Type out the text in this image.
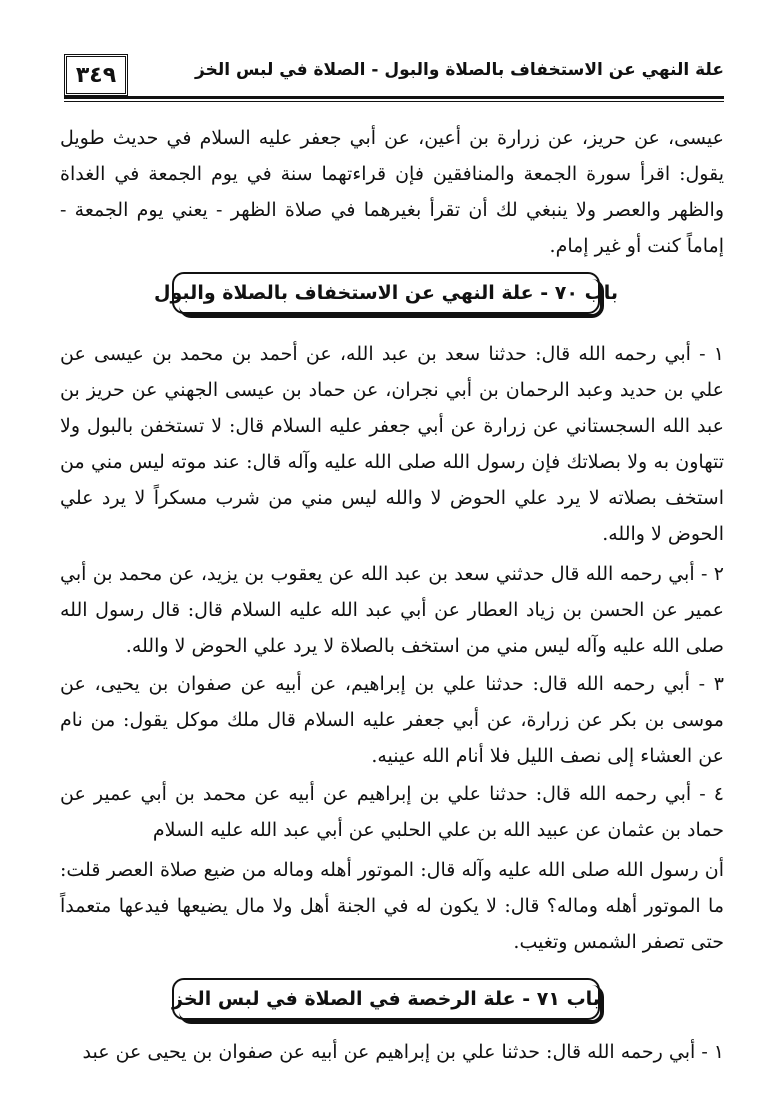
٣٤٩	علة النهي عن الاستخفاف بالصلاة والبول - الصلاة في لبس الخز
عيسى، عن حريز، عن زرارة بن أعين، عن أبي جعفر عليه السلام في حديث طويل يقول: اقرأ سورة الجمعة والمنافقين فإن قراءتهما سنة في يوم الجمعة في الغداة والظهر والعصر ولا ينبغي لك أن تقرأ بغيرهما في صلاة الظهر - يعني يوم الجمعة - إماماً كنت أو غير إمام.
باب ٧٠ - علة النهي عن الاستخفاف بالصلاة والبول
١ - أبي رحمه الله قال: حدثنا سعد بن عبد الله، عن أحمد بن محمد بن عيسى عن علي بن حديد وعبد الرحمان بن أبي نجران، عن حماد بن عيسى الجهني عن حريز بن عبد الله السجستاني عن زرارة عن أبي جعفر عليه السلام قال: لا تستخفن بالبول ولا تتهاون به ولا بصلاتك فإن رسول الله صلى الله عليه وآله قال: عند موته ليس مني من استخف بصلاته لا يرد علي الحوض لا والله ليس مني من شرب مسكراً لا يرد علي الحوض لا والله.
٢ - أبي رحمه الله قال حدثني سعد بن عبد الله عن يعقوب بن يزيد، عن محمد بن أبي عمير عن الحسن بن زياد العطار عن أبي عبد الله عليه السلام قال: قال رسول الله صلى الله عليه وآله ليس مني من استخف بالصلاة لا يرد علي الحوض لا والله.
٣ - أبي رحمه الله قال: حدثنا علي بن إبراهيم، عن أبيه عن صفوان بن يحيى، عن موسى بن بكر عن زرارة، عن أبي جعفر عليه السلام قال ملك موكل يقول: من نام عن العشاء إلى نصف الليل فلا أنام الله عينيه.
٤ - أبي رحمه الله قال: حدثنا علي بن إبراهيم عن أبيه عن محمد بن أبي عمير عن حماد بن عثمان عن عبيد الله بن علي الحلبي عن أبي عبد الله عليه السلام
أن رسول الله صلى الله عليه وآله قال: الموتور أهله وماله من ضيع صلاة العصر قلت: ما الموتور أهله وماله؟ قال: لا يكون له في الجنة أهل ولا مال يضيعها فيدعها متعمداً حتى تصفر الشمس وتغيب.
باب ٧١ - علة الرخصة في الصلاة في لبس الخز
١ - أبي رحمه الله قال: حدثنا علي بن إبراهيم عن أبيه عن صفوان بن يحيى عن عبد
